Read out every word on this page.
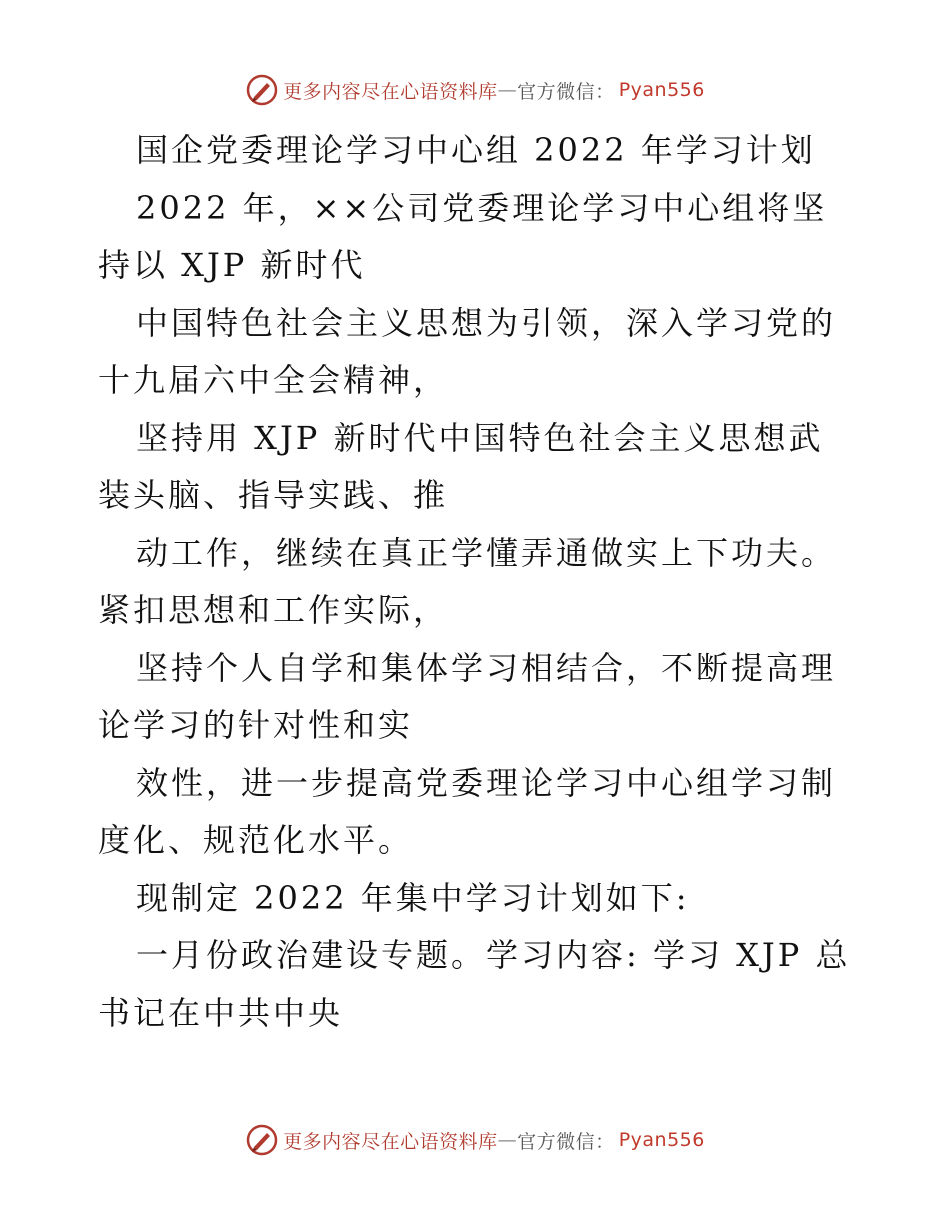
更多内容尽在心语资料库 — 官方微信： Pyan556

国企党委理论学习中心组 2022 年学习计划

2022 年，××公司党委理论学习中心组将坚持以 XJP 新时代

中国特色社会主义思想为引领，深入学习党的十九届六中全会精神，

坚持用 XJP 新时代中国特色社会主义思想武装头脑、指导实践、推

动工作，继续在真正学懂弄通做实上下功夫。紧扣思想和工作实际，

坚持个人自学和集体学习相结合，不断提高理论学习的针对性和实

效性，进一步提高党委理论学习中心组学习制度化、规范化水平。

现制定 2022 年集中学习计划如下:

一月份政治建设专题。学习内容: 学习 XJP 总书记在中共中央

更多内容尽在心语资料库 — 官方微信： Pyan556
